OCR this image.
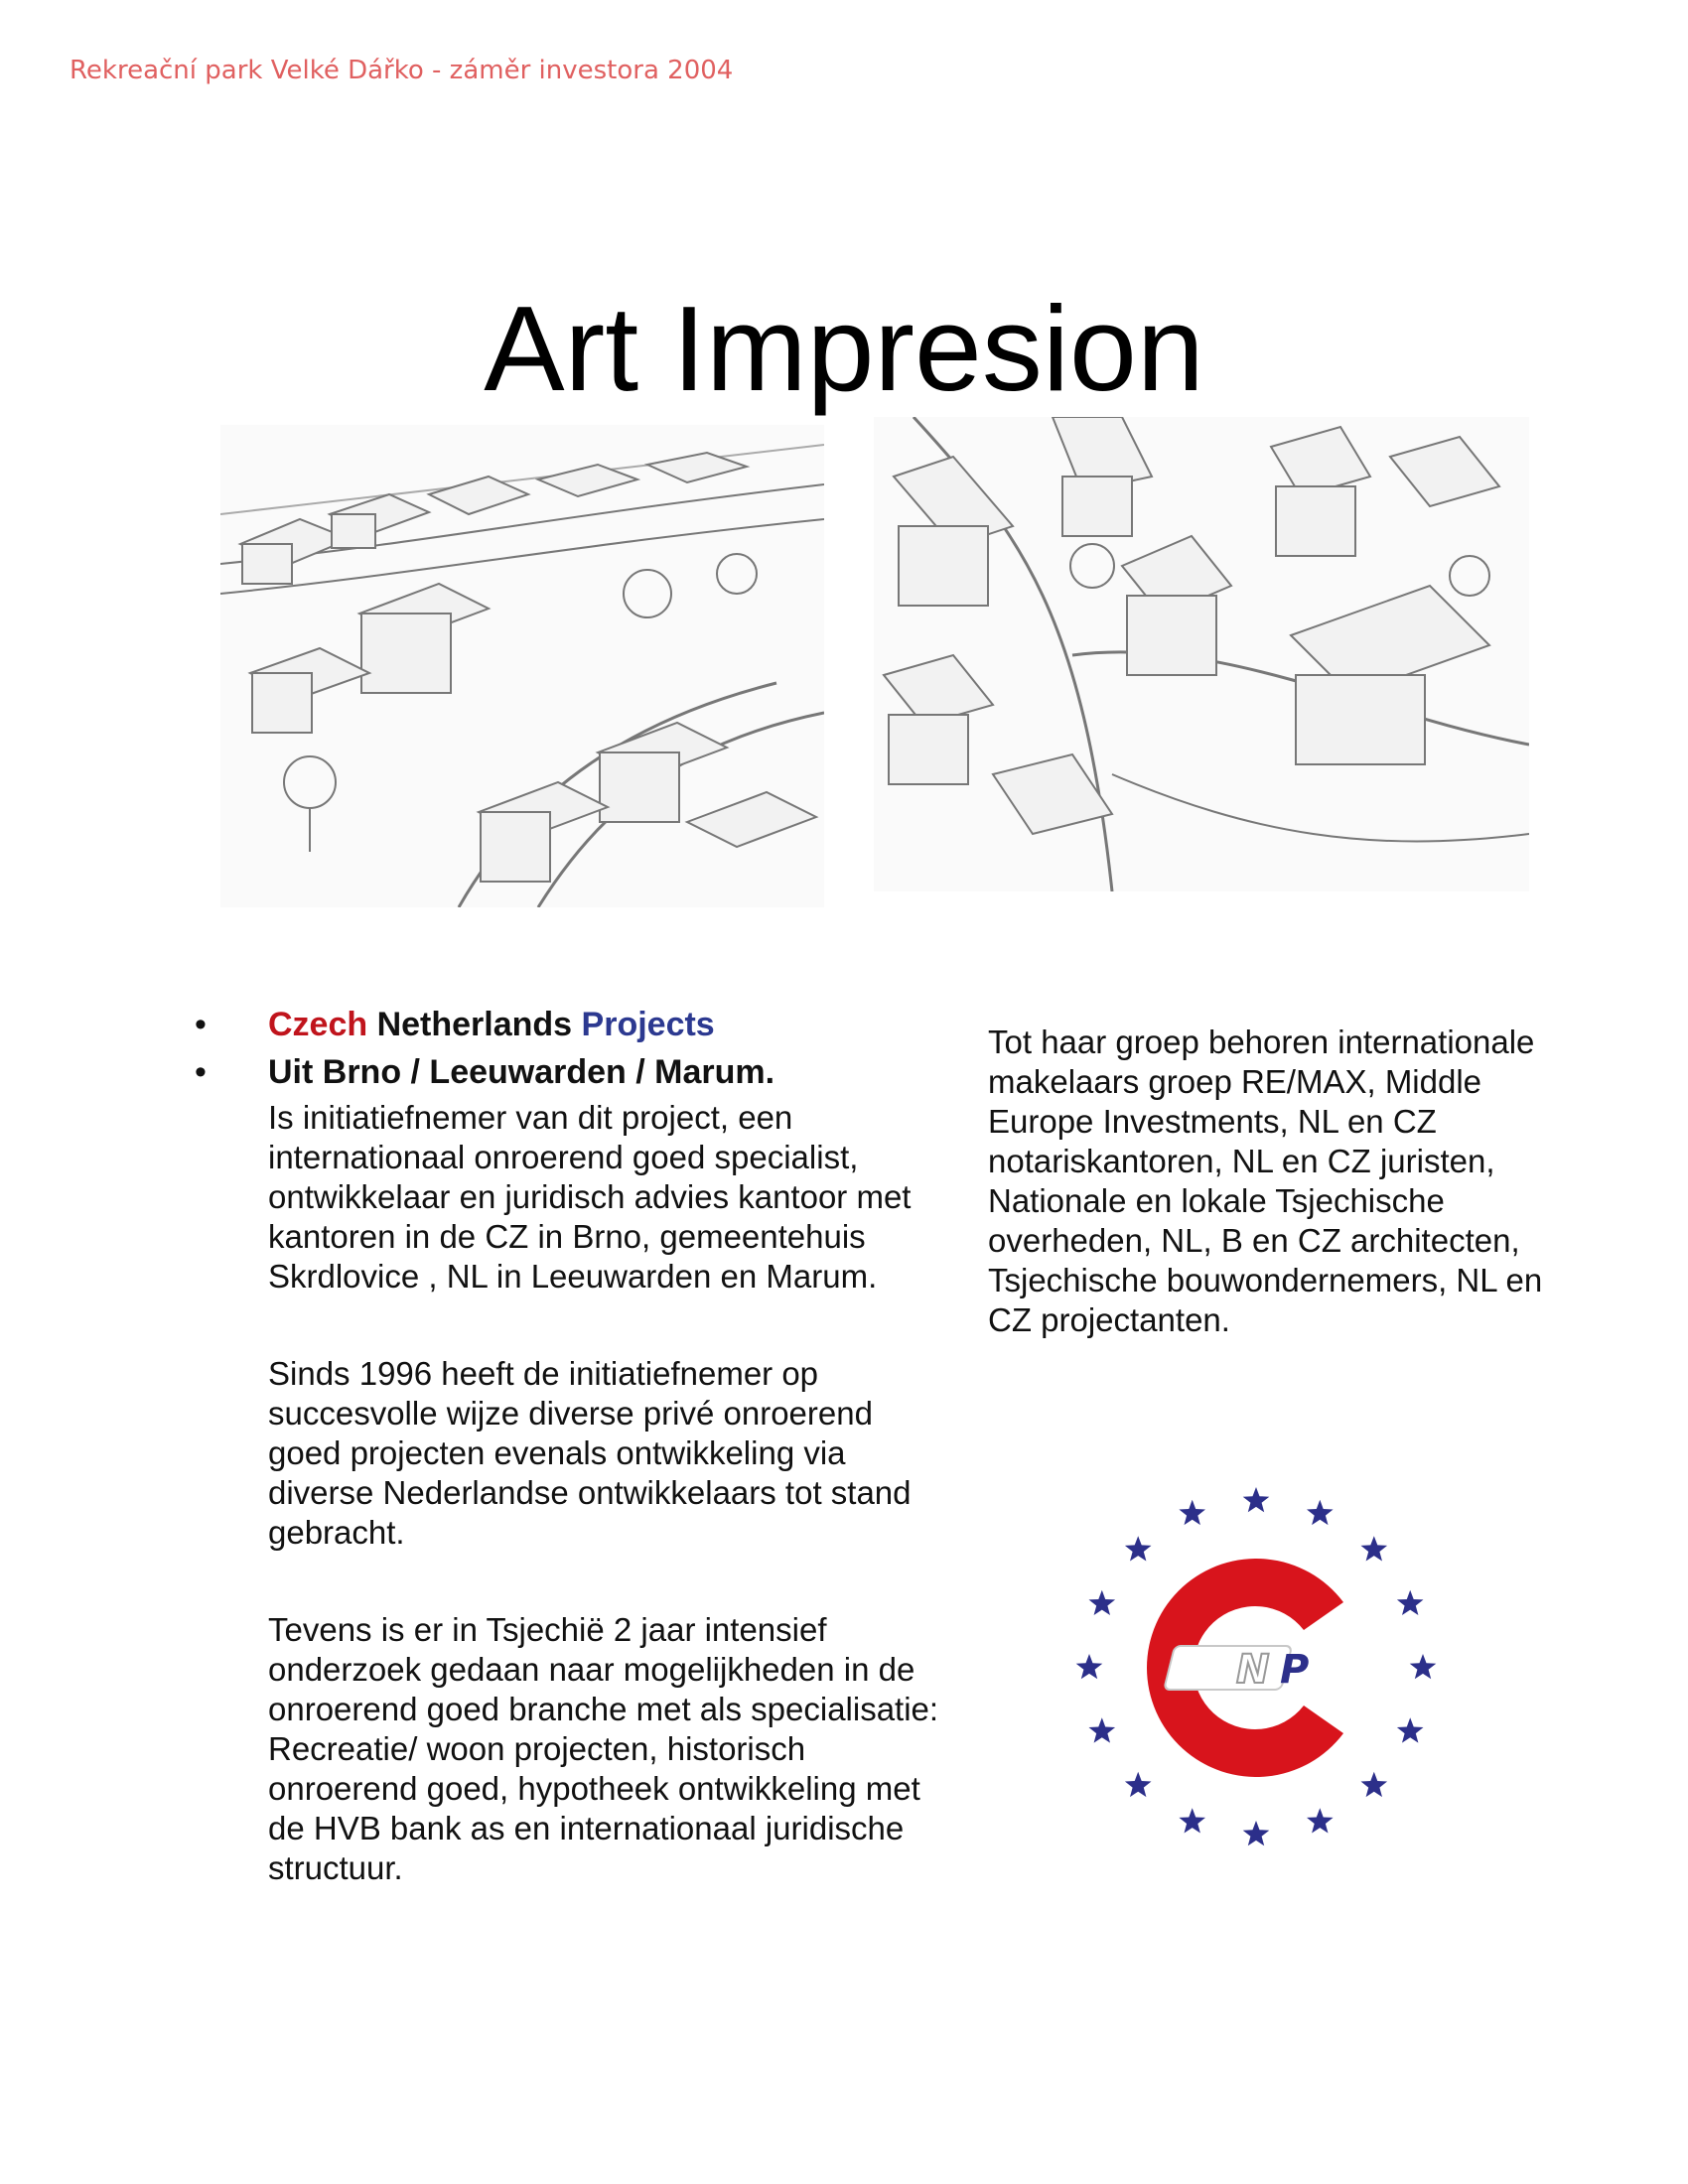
Rekreační park Velké Dářko - záměr investora 2004
Art Impresion
• Czech Netherlands Projects
• Uit Brno / Leeuwarden / Marum.

Is initiatiefnemer van dit project, een internationaal onroerend goed specialist, ontwikkelaar en juridisch advies kantoor met kantoren in de CZ in Brno, gemeentehuis Skrdlovice , NL in Leeuwarden en Marum.

Sinds 1996 heeft de initiatiefnemer op succesvolle wijze diverse privé onroerend goed projecten evenals ontwikkeling via diverse Nederlandse ontwikkelaars tot stand gebracht.

Tevens is er in Tsjechië 2 jaar intensief onderzoek gedaan naar mogelijkheden in de onroerend goed branche met als specialisatie: Recreatie/ woon projecten, historisch onroerend goed, hypotheek ontwikkeling met de HVB bank as en internationaal juridische structuur.

Tot haar groep behoren internationale makelaars groep RE/MAX, Middle Europe Investments, NL en CZ notariskantoren, NL en CZ juristen, Nationale en lokale Tsjechische overheden, NL, B en CZ architecten, Tsjechische bouwondernemers, NL en CZ projectanten.

N P
